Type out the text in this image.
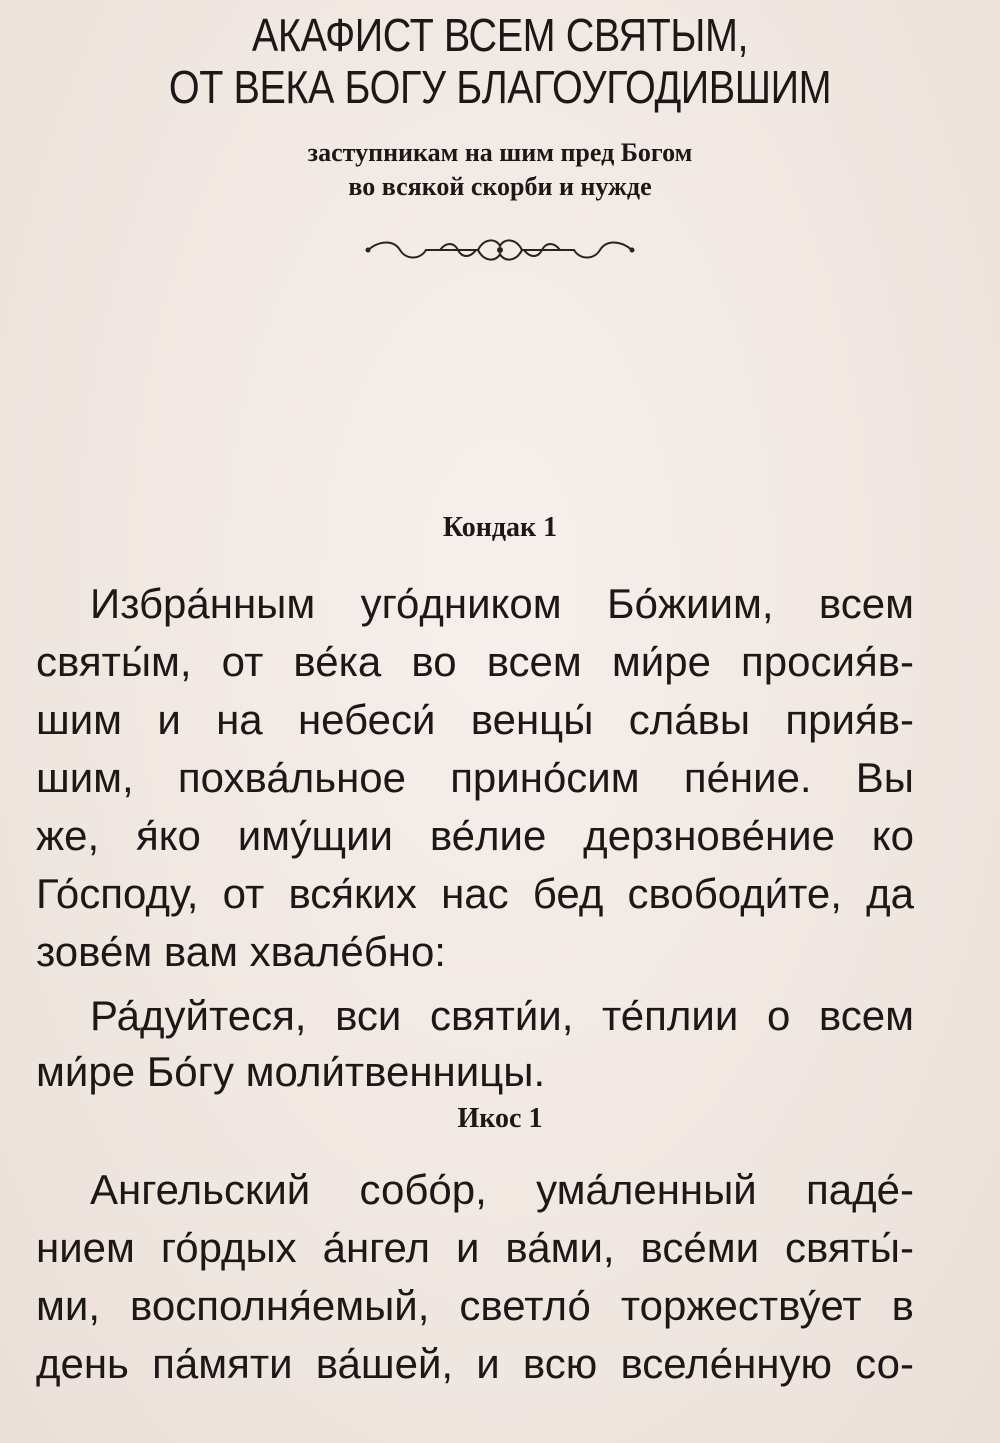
АКАФИСТ ВСЕМ СВЯТЫМ,
ОТ ВЕКА БОГУ БЛАГОУГОДИВШИМ
заступникам на шим пред Богом
во всякой скорби и нужде
Кондак 1
Избра́нным уго́дником Бо́жиим, всем
святы́м, от ве́ка во всем ми́ре просия́в-
шим и на небеси́ венцы́ сла́вы прия́в-
шим, похва́льное прино́сим пе́ние. Вы
же, я́ко иму́щии ве́лие дерзнове́ние ко
Го́споду, от вся́ких нас бед свободи́те, да
зове́м вам хвале́бно:
Ра́дуйтеся, вси святи́и, те́плии о всем
ми́ре Бо́гу моли́твенницы.
Икос 1
Ангельский собо́р, ума́ленный паде́-
нием го́рдых а́нгел и ва́ми, все́ми святы́-
ми, восполня́емый, светло́ торжеству́ет в
день па́мяти ва́шей, и всю вселе́нную со-
